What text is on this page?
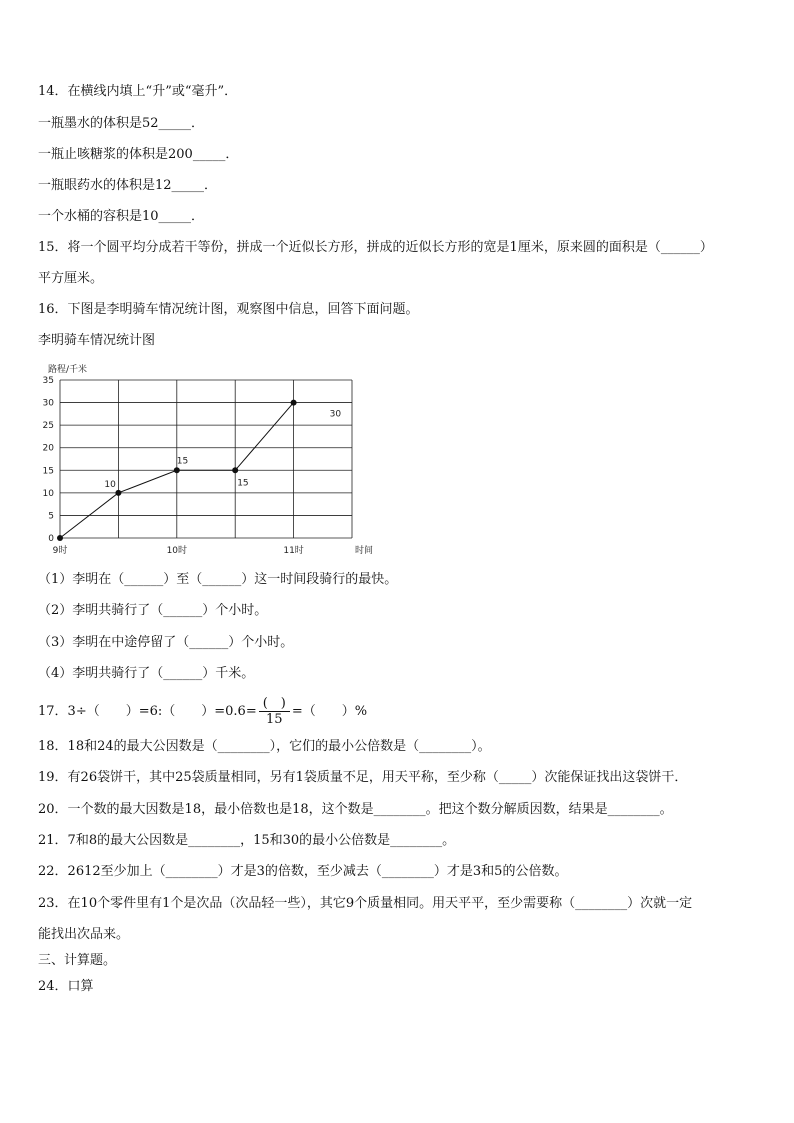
14．在横线内填上“升”或“毫升”．
一瓶墨水的体积是52_____．
一瓶止咳糖浆的体积是200_____．
一瓶眼药水的体积是12_____．
一个水桶的容积是10_____．
15．将一个圆平均分成若干等份，拼成一个近似长方形，拼成的近似长方形的宽是1厘米，原来圆的面积是（______）
平方厘米。
16．下图是李明骑车情况统计图，观察图中信息，回答下面问题。
李明骑车情况统计图
0
5
10
15
20
25
30
35
9时	10时	11时
路程/千米
时间
10
15
15
30
（1）李明在（______）至（______）这一时间段骑行的最快。
（2）李明共骑行了（______）个小时。
（3）李明在中途停留了（______）个小时。
（4）李明共骑行了（______）千米。
17．3÷（　　）=6:（　　）$=0.6= \frac{( )}{15}$ =（　　）%
18．18和24的最大公因数是（________），它们的最小公倍数是（________）。
19．有26袋饼干，其中25袋质量相同，另有1袋质量不足，用天平称，至少称（_____）次能保证找出这袋饼干．
20．一个数的最大因数是18，最小倍数也是18，这个数是________。把这个数分解质因数，结果是________。
21．7和8的最大公因数是________，15和30的最小公倍数是________。
22．2612至少加上（________）才是3的倍数，至少减去（________）才是3和5的公倍数。
23．在10个零件里有1个是次品（次品轻一些），其它9个质量相同。用天平平，至少需要称（________）次就一定
能找出次品来。
三、计算题。
24．口算
